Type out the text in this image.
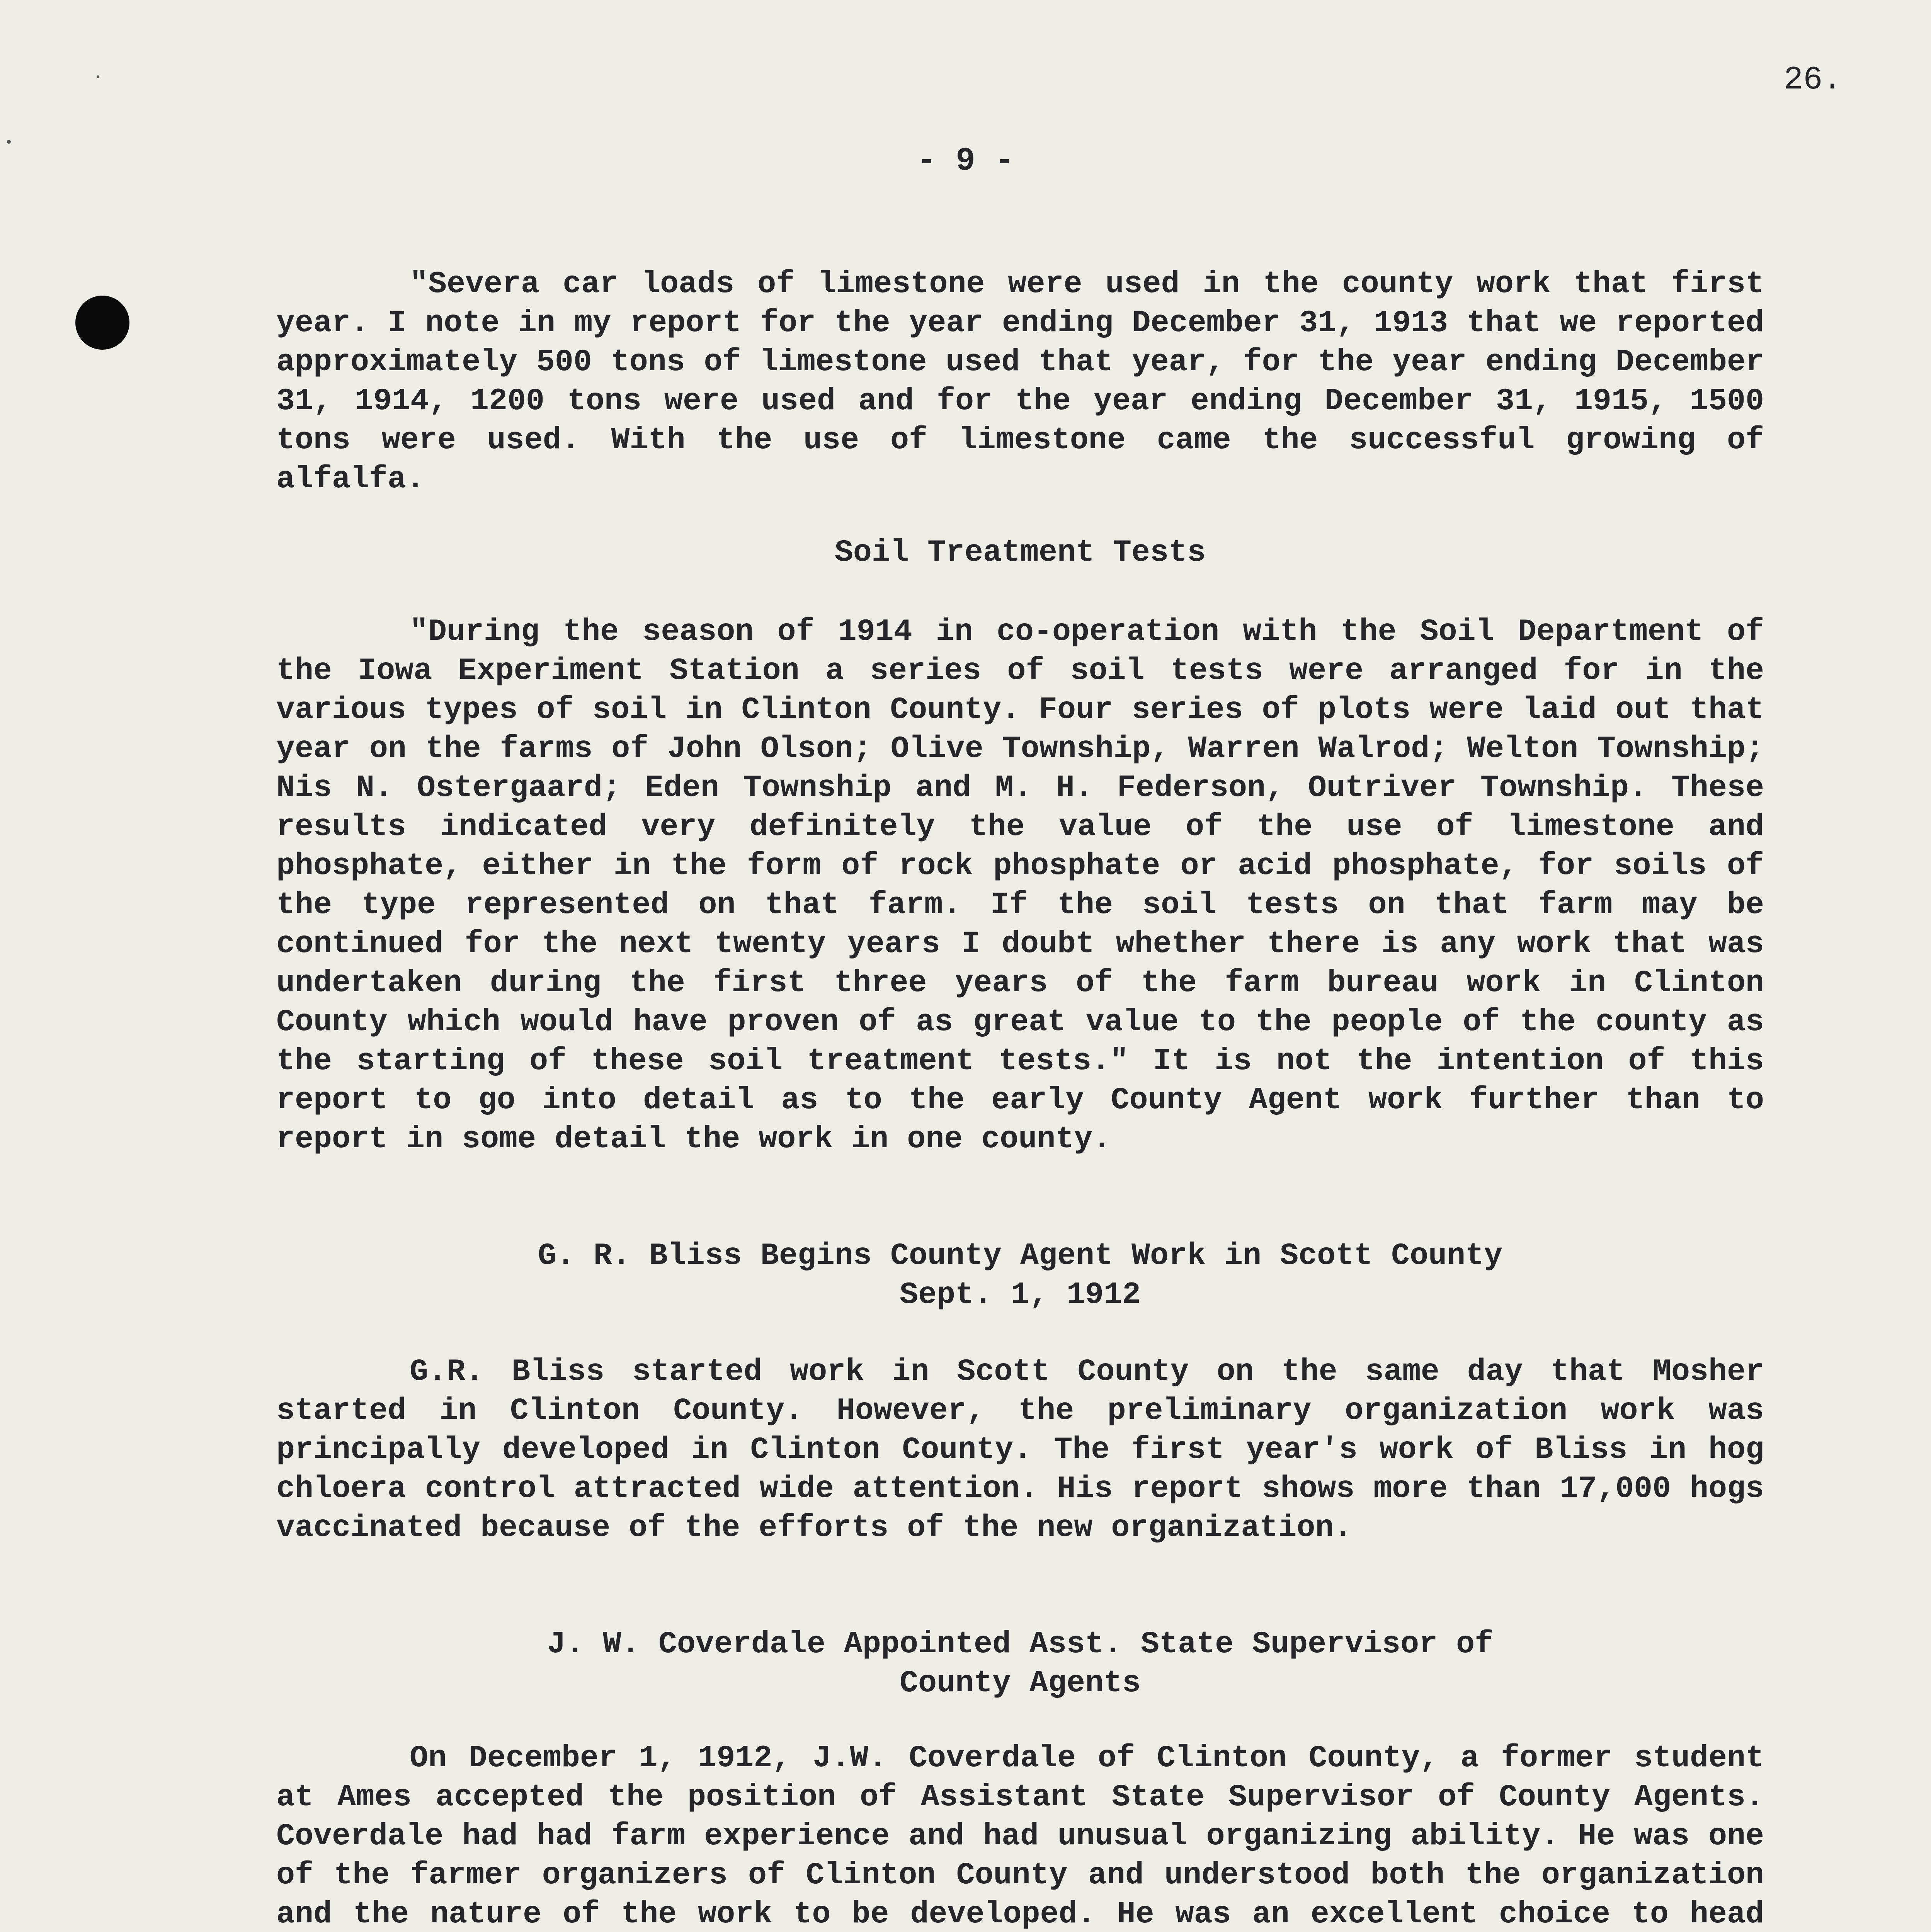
26.
- 9 -

"Severa car loads of limestone were used in the county work that first year. I note in my report for the year ending December 31, 1913 that we reported approximately 500 tons of limestone used that year, for the year ending December 31, 1914, 1200 tons were used and for the year ending December 31, 1915, 1500 tons were used. With the use of limestone came the successful growing of alfalfa.

Soil Treatment Tests

"During the season of 1914 in co-operation with the Soil Department of the Iowa Experiment Station a series of soil tests were arranged for in the various types of soil in Clinton County. Four series of plots were laid out that year on the farms of John Olson; Olive Township, Warren Walrod; Welton Township; Nis N. Ostergaard; Eden Township and M. H. Federson, Outriver Township. These results indicated very definitely the value of the use of limestone and phosphate, either in the form of rock phosphate or acid phosphate, for soils of the type represented on that farm. If the soil tests on that farm may be continued for the next twenty years I doubt whether there is any work that was undertaken during the first three years of the farm bureau work in Clinton County which would have proven of as great value to the people of the county as the starting of these soil treatment tests." It is not the intention of this report to go into detail as to the early County Agent work further than to report in some detail the work in one county.

G. R. Bliss Begins County Agent Work in Scott County
Sept. 1, 1912

G.R. Bliss started work in Scott County on the same day that Mosher started in Clinton County. However, the preliminary organization work was principally developed in Clinton County. The first year's work of Bliss in hog chloera control attracted wide attention. His report shows more than 17,000 hogs vaccinated because of the efforts of the new organization.

J. W. Coverdale Appointed Asst. State Supervisor of
County Agents

On December 1, 1912, J.W. Coverdale of Clinton County, a former student at Ames accepted the position of Assistant State Supervisor of County Agents. Coverdale had had farm experience and had unusual organizing ability. He was one of the farmer organizers of Clinton County and understood both the organization and the nature of the work to be developed. He was an excellent choice to head
